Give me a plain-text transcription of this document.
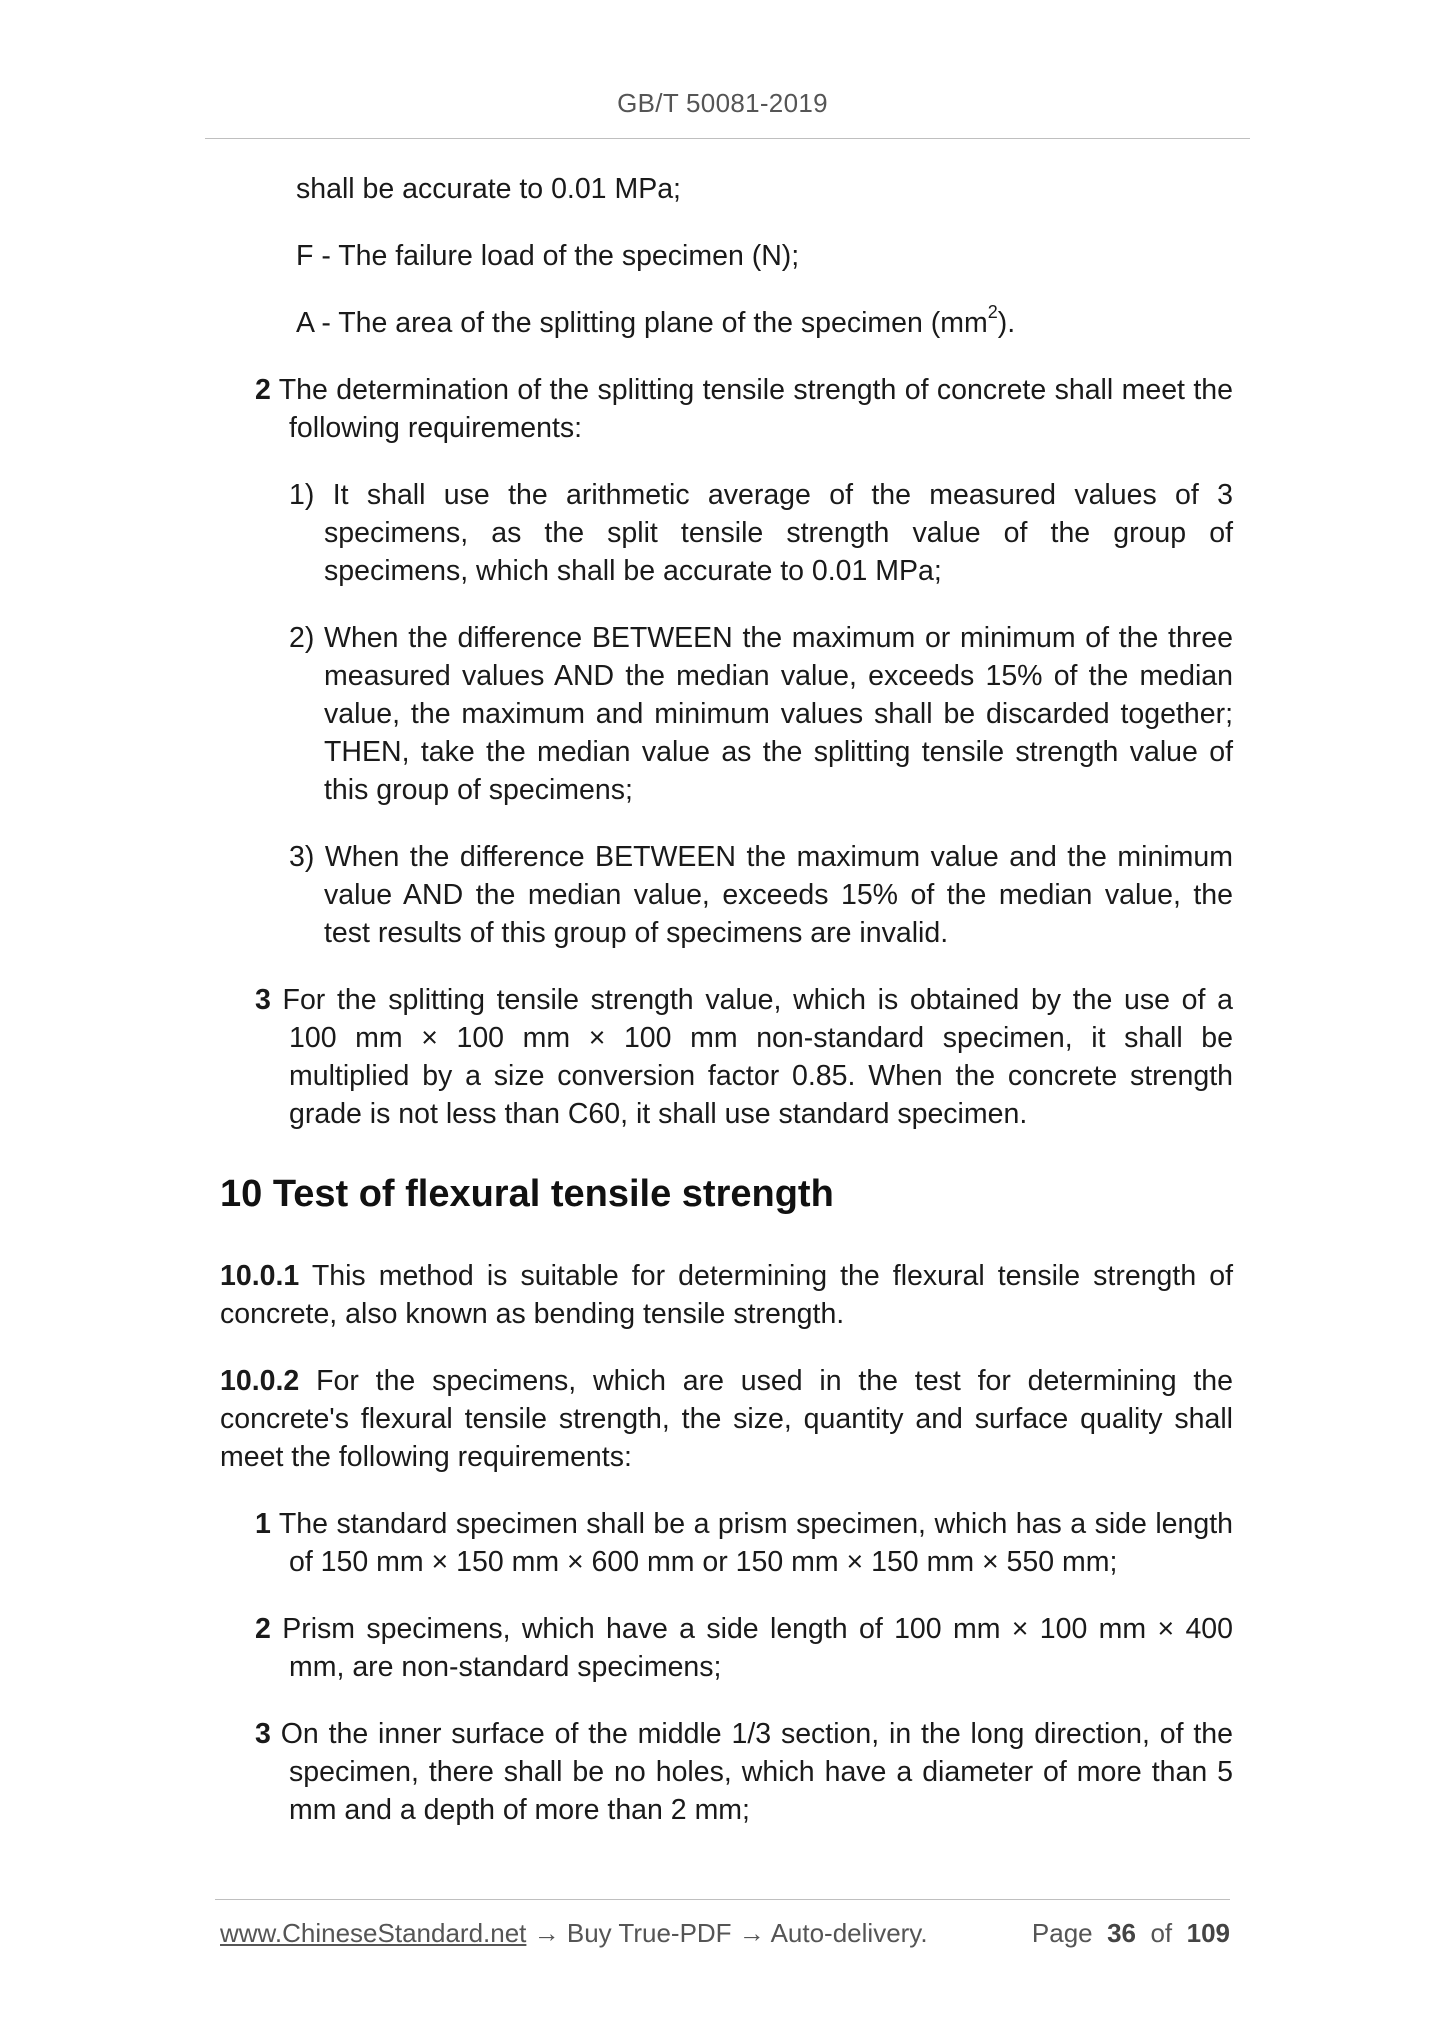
GB/T 50081-2019

shall be accurate to 0.01 MPa;

F - The failure load of the specimen (N);

A - The area of the splitting plane of the specimen $(mm^2)$.

2 The determination of the splitting tensile strength of concrete shall meet the following requirements:

1) It shall use the arithmetic average of the measured values of 3 specimens, as the split tensile strength value of the group of specimens, which shall be accurate to 0.01 MPa;

2) When the difference BETWEEN the maximum or minimum of the three measured values AND the median value, exceeds 15% of the median value, the maximum and minimum values shall be discarded together; THEN, take the median value as the splitting tensile strength value of this group of specimens;

3) When the difference BETWEEN the maximum value and the minimum value AND the median value, exceeds 15% of the median value, the test results of this group of specimens are invalid.

3 For the splitting tensile strength value, which is obtained by the use of a 100 mm × 100 mm × 100 mm non-standard specimen, it shall be multiplied by a size conversion factor 0.85. When the concrete strength grade is not less than C60, it shall use standard specimen.

10 Test of flexural tensile strength

10.0.1 This method is suitable for determining the flexural tensile strength of concrete, also known as bending tensile strength.

10.0.2 For the specimens, which are used in the test for determining the concrete's flexural tensile strength, the size, quantity and surface quality shall meet the following requirements:

1 The standard specimen shall be a prism specimen, which has a side length of 150 mm × 150 mm × 600 mm or 150 mm × 150 mm × 550 mm;

2 Prism specimens, which have a side length of 100 mm × 100 mm × 400 mm, are non-standard specimens;

3 On the inner surface of the middle 1/3 section, in the long direction, of the specimen, there shall be no holes, which have a diameter of more than 5 mm and a depth of more than 2 mm;

www.ChineseStandard.net → Buy True-PDF → Auto-delivery.	Page 36 of 109
